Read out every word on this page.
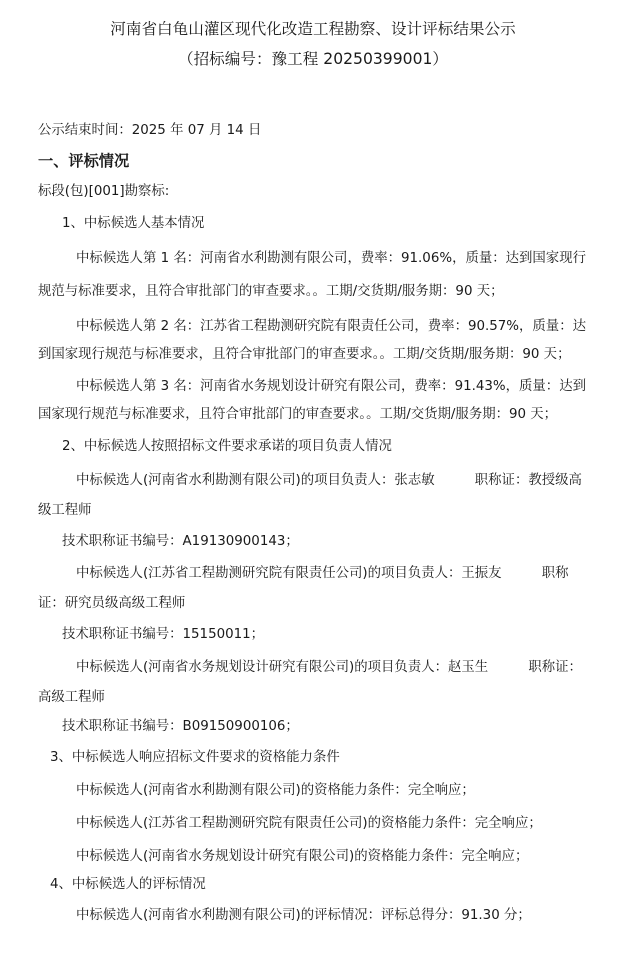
河南省白龟山灌区现代化改造工程勘察、设计评标结果公示
（招标编号：豫工程 20250399001）
公示结束时间：2025 年 07 月 14 日
一、评标情况
标段(包)[001]勘察标:
1、中标候选人基本情况
中标候选人第 1 名：河南省水利勘测有限公司，费率：91.06%，质量：达到国家现行
规范与标准要求，且符合审批部门的审查要求。。工期/交货期/服务期：90 天；
中标候选人第 2 名：江苏省工程勘测研究院有限责任公司，费率：90.57%，质量：达
到国家现行规范与标准要求，且符合审批部门的审查要求。。工期/交货期/服务期：90 天；
中标候选人第 3 名：河南省水务规划设计研究有限公司，费率：91.43%，质量：达到
国家现行规范与标准要求，且符合审批部门的审查要求。。工期/交货期/服务期：90 天；
2、中标候选人按照招标文件要求承诺的项目负责人情况
中标候选人(河南省水利勘测有限公司)的项目负责人：张志敏　　　职称证：教授级高
级工程师
技术职称证书编号：A19130900143；
中标候选人(江苏省工程勘测研究院有限责任公司)的项目负责人：王振友　　　职称
证：研究员级高级工程师
技术职称证书编号：15150011；
中标候选人(河南省水务规划设计研究有限公司)的项目负责人：赵玉生　　　职称证：
高级工程师
技术职称证书编号：B09150900106；
3、中标候选人响应招标文件要求的资格能力条件
中标候选人(河南省水利勘测有限公司)的资格能力条件：完全响应；
中标候选人(江苏省工程勘测研究院有限责任公司)的资格能力条件：完全响应；
中标候选人(河南省水务规划设计研究有限公司)的资格能力条件：完全响应；
4、中标候选人的评标情况
中标候选人(河南省水利勘测有限公司)的评标情况：评标总得分：91.30 分；
